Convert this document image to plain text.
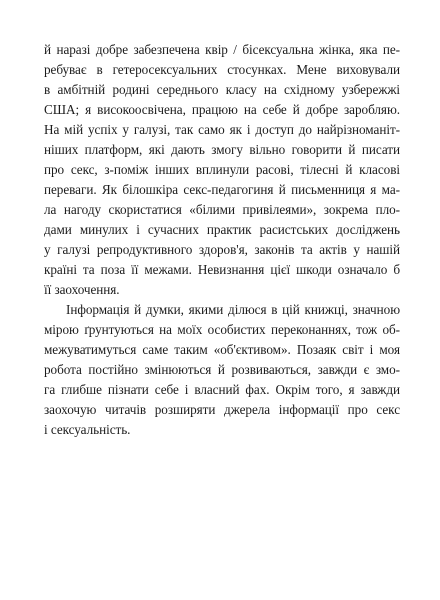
й наразі добре забезпечена квір / бісексуальна жінка, яка пе-
ребуває в гетеросексуальних стосунках. Мене виховували
в амбітній родині середнього класу на східному узбережжі
США; я високоосвічена, працюю на себе й добре заробляю.

На мій успіх у галузі, так само як і доступ до найрізноманіт-
ніших платформ, які дають змогу вільно говорити й писати
про секс, з-поміж інших вплинули расові, тілесні й класові
переваги. Як білошкіра секс-педагогиня й письменниця я ма-
ла нагоду скористатися «білими привілеями», зокрема пло-
дами минулих і сучасних практик расистських досліджень
у галузі репродуктивного здоров'я, законів та актів у нашій
країні та поза її межами. Невизнання цієї шкоди означало б
її заохочення.

Інформація й думки, якими ділюся в цій книжці, значною
мірою ґрунтуються на моїх особистих переконаннях, тож об-
межуватимуться саме таким «об'єктивом». Позаяк світ і моя
робота постійно змінюються й розвиваються, завжди є змо-
га глибше пізнати себе і власний фах. Окрім того, я завжди
заохочую читачів розширяти джерела інформації про секс
і сексуальність.
